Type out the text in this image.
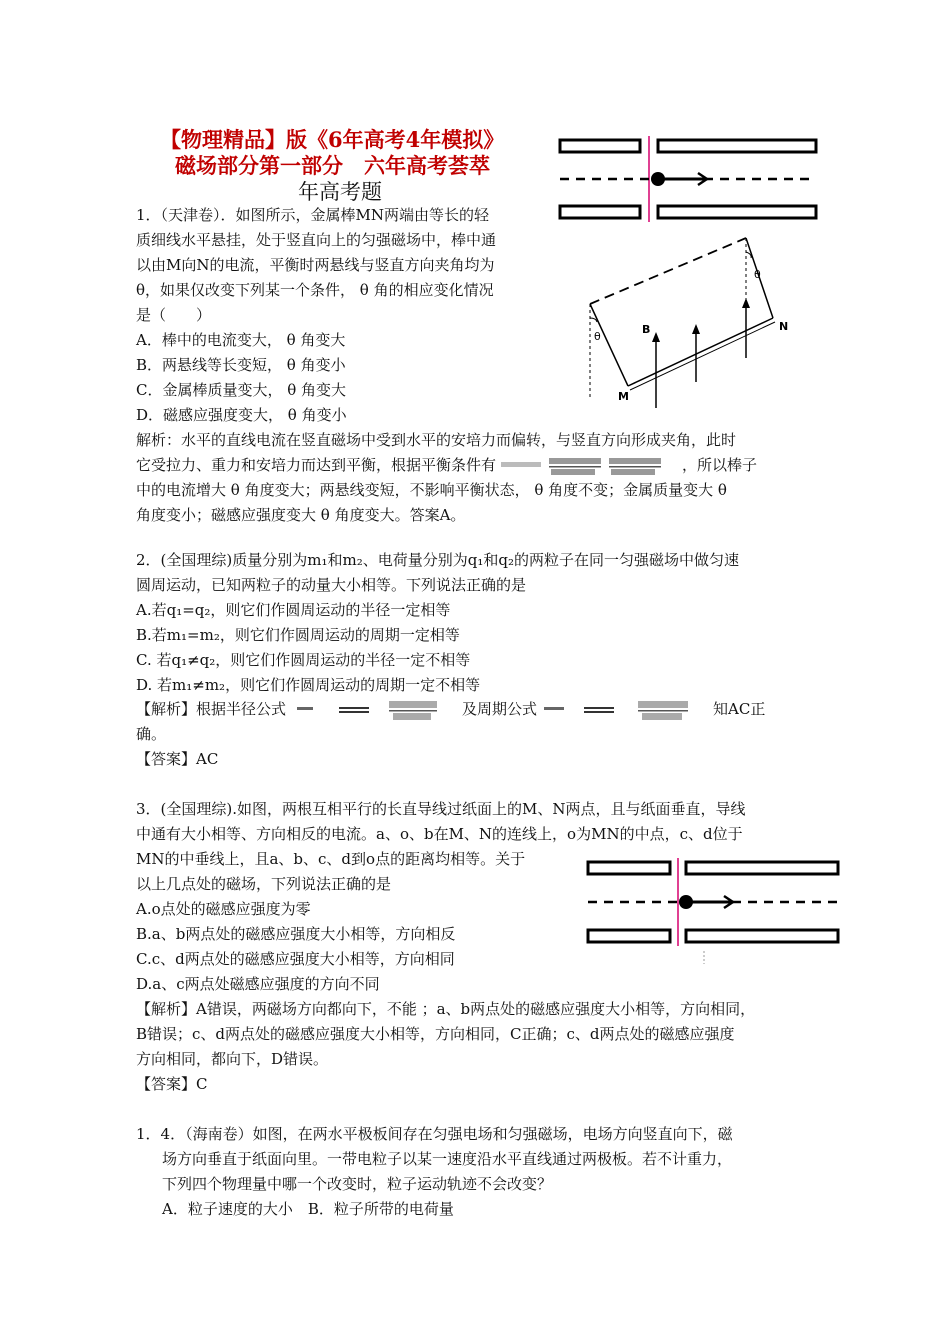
【物理精品】版《6年高考4年模拟》
磁场部分第一部分　六年高考荟萃
年高考题
1．（天津卷）．如图所示，金属棒MN两端由等长的轻
质细线水平悬挂，处于竖直向上的匀强磁场中，棒中通
以由M向N的电流，平衡时两悬线与竖直方向夹角均为
θ，如果仅改变下列某一个条件， θ 角的相应变化情况
是（　　）
A．棒中的电流变大， θ 角变大
B．两悬线等长变短， θ 角变小
C．金属棒质量变大， θ 角变大
D．磁感应强度变大， θ 角变小
θ
θ
B	N
M
解析：水平的直线电流在竖直磁场中受到水平的安培力而偏转，与竖直方向形成夹角，此时
它受拉力、重力和安培力而达到平衡，根据平衡条件有	，所以棒子
中的电流增大 θ 角度变大；两悬线变短，不影响平衡状态， θ 角度不变；金属质量变大 θ
角度变小；磁感应强度变大 θ 角度变大。答案A。
2．(全国理综)质量分别为m₁和m₂、电荷量分别为q₁和q₂的两粒子在同一匀强磁场中做匀速
圆周运动，已知两粒子的动量大小相等。下列说法正确的是
A.若q₁=q₂，则它们作圆周运动的半径一定相等
B.若m₁=m₂，则它们作圆周运动的周期一定相等
C. 若q₁≠q₂，则它们作圆周运动的半径一定不相等
D. 若m₁≠m₂，则它们作圆周运动的周期一定不相等
【解析】根据半径公式	及周期公式	知AC正
确。
【答案】AC
3．(全国理综).如图，两根互相平行的长直导线过纸面上的M、N两点，且与纸面垂直，导线
中通有大小相等、方向相反的电流。a、o、b在M、N的连线上，o为MN的中点，c、d位于
MN的中垂线上，且a、b、c、d到o点的距离均相等。关于
以上几点处的磁场，下列说法正确的是
A.o点处的磁感应强度为零
B.a、b两点处的磁感应强度大小相等，方向相反
C.c、d两点处的磁感应强度大小相等，方向相同
D.a、c两点处磁感应强度的方向不同
【解析】A错误，两磁场方向都向下，不能 ；a、b两点处的磁感应强度大小相等，方向相同，
B错误；c、d两点处的磁感应强度大小相等，方向相同，C正确；c、d两点处的磁感应强度
方向相同，都向下，D错误。
【答案】C
1．4．（海南卷）如图，在两水平极板间存在匀强电场和匀强磁场，电场方向竖直向下，磁
场方向垂直于纸面向里。一带电粒子以某一速度沿水平直线通过两极板。若不计重力，
下列四个物理量中哪一个改变时，粒子运动轨迹不会改变？
A．粒子速度的大小　B．粒子所带的电荷量
